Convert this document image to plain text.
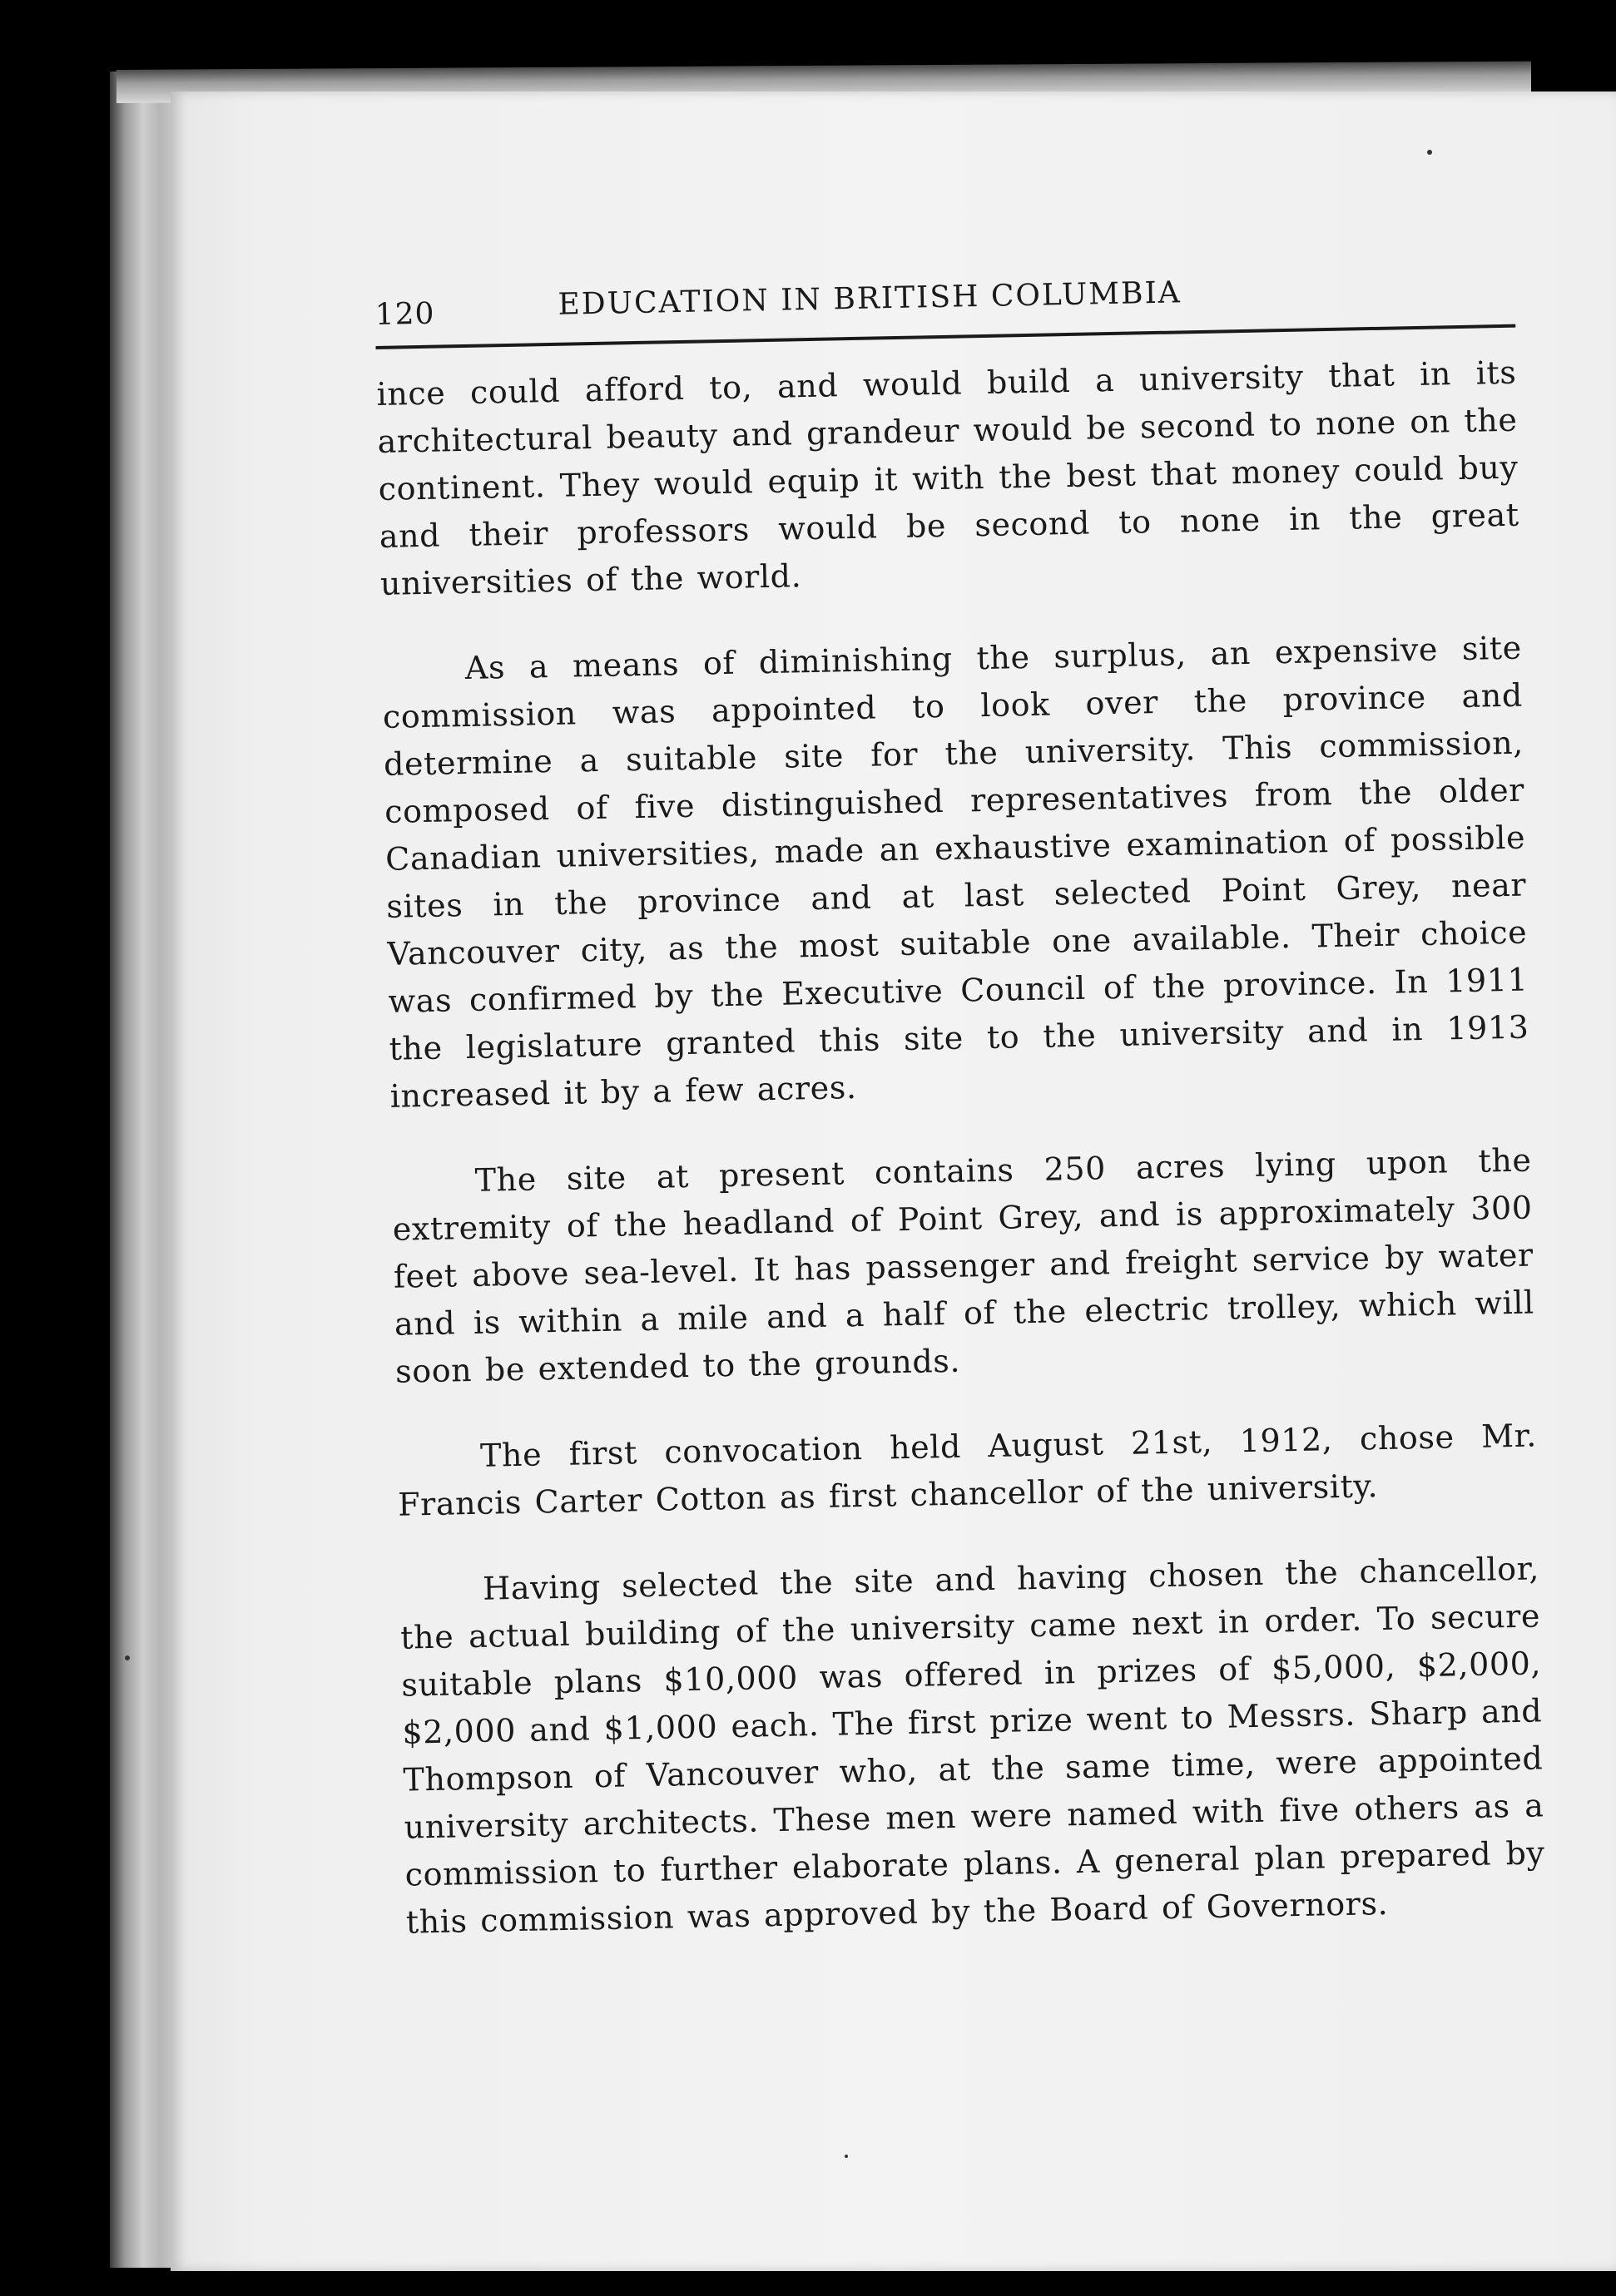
120	EDUCATION IN BRITISH COLUMBIA

ince could afford to, and would build a university that in its architectural beauty and grandeur would be second to none on the continent. They would equip it with the best that money could buy and their professors would be second to none in the great universities of the world.

As a means of diminishing the surplus, an expensive site commission was appointed to look over the province and determine a suitable site for the university. This commission, composed of five distinguished representatives from the older Canadian universities, made an exhaustive examination of possible sites in the province and at last selected Point Grey, near Vancouver city, as the most suitable one available. Their choice was confirmed by the Executive Council of the province. In 1911 the legislature granted this site to the university and in 1913 increased it by a few acres.

The site at present contains 250 acres lying upon the extremity of the headland of Point Grey, and is approximately 300 feet above sea-level. It has passenger and freight service by water and is within a mile and a half of the electric trolley, which will soon be extended to the grounds.

The first convocation held August 21st, 1912, chose Mr. Francis Carter Cotton as first chancellor of the university.

Having selected the site and having chosen the chancellor, the actual building of the university came next in order. To secure suitable plans $10,000 was offered in prizes of $5,000, $2,000, $2,000 and $1,000 each. The first prize went to Messrs. Sharp and Thompson of Vancouver who, at the same time, were appointed university architects. These men were named with five others as a commission to further elaborate plans. A general plan prepared by this commission was approved by the Board of Governors.
